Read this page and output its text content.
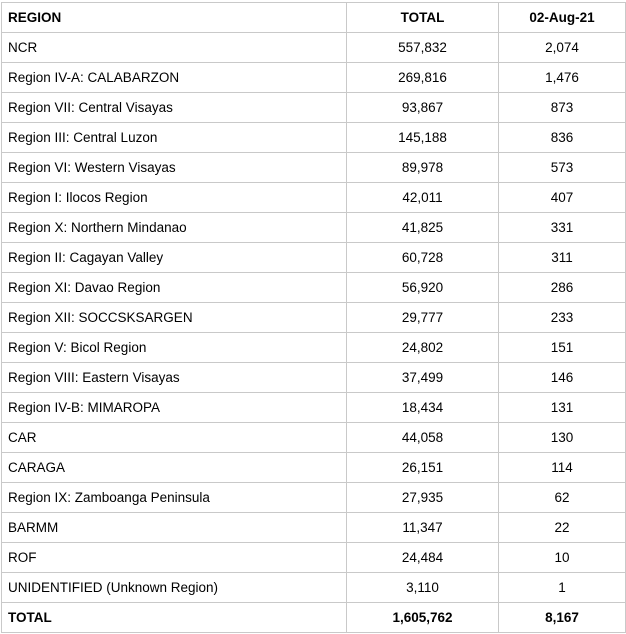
REGION	TOTAL	02-Aug-21
NCR	557,832	2,074
Region IV-A: CALABARZON	269,816	1,476
Region VII: Central Visayas	93,867	873
Region III: Central Luzon	145,188	836
Region VI: Western Visayas	89,978	573
Region I: Ilocos Region	42,011	407
Region X: Northern Mindanao	41,825	331
Region II: Cagayan Valley	60,728	311
Region XI: Davao Region	56,920	286
Region XII: SOCCSKSARGEN	29,777	233
Region V: Bicol Region	24,802	151
Region VIII: Eastern Visayas	37,499	146
Region IV-B: MIMAROPA	18,434	131
CAR	44,058	130
CARAGA	26,151	114
Region IX: Zamboanga Peninsula	27,935	62
BARMM	11,347	22
ROF	24,484	10
UNIDENTIFIED (Unknown Region)	3,110	1
TOTAL	1,605,762	8,167
